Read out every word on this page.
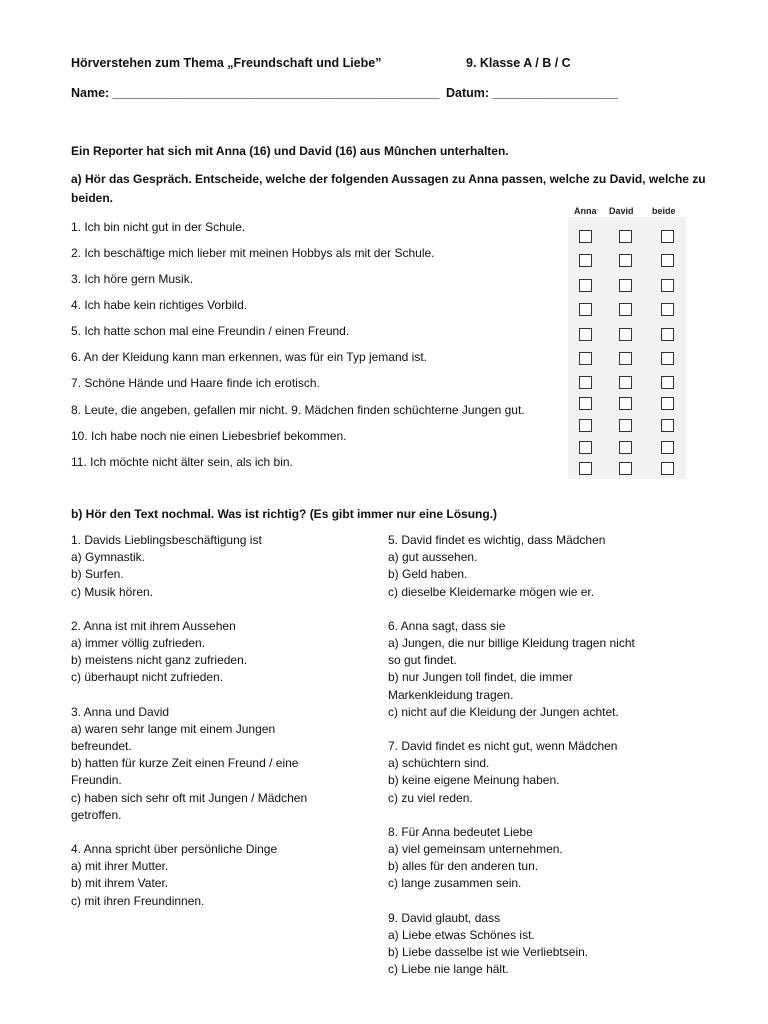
Hörverstehen zum Thema „Freundschaft und Liebe”	9. Klasse A / B / C
Name: _______________________________________________ Datum: __________________
Ein Reporter hat sich mit Anna (16) und David (16) aus Mûnchen unterhalten.
a) Hör das Gespräch. Entscheide, welche der folgenden Aussagen zu Anna passen, welche zu David, welche zu
beiden.
Anna David beide
1. Ich bin nicht gut in der Schule.
2. Ich beschäftige mich lieber mit meinen Hobbys als mit der Schule.
3. Ich höre gern Musik.
4. Ich habe kein richtiges Vorbild.
5. Ich hatte schon mal eine Freundin / einen Freund.
6. An der Kleidung kann man erkennen, was für ein Typ jemand ist.
7. Schöne Hände und Haare finde ich erotisch.
8. Leute, die angeben, gefallen mir nicht. 9. Mädchen finden schüchterne Jungen gut.
10. Ich habe noch nie einen Liebesbrief bekommen.
11. Ich möchte nicht älter sein, als ich bin.
b) Hör den Text nochmal. Was ist richtig? (Es gibt immer nur eine Lösung.)
1. Davids Lieblingsbeschäftigung ist
a) Gymnastik.
b) Surfen.
c) Musik hören.
2. Anna ist mit ihrem Aussehen
a) immer völlig zufrieden.
b) meistens nicht ganz zufrieden.
c) überhaupt nicht zufrieden.
3. Anna und David
a) waren sehr lange mit einem Jungen
befreundet.
b) hatten für kurze Zeit einen Freund / eine
Freundin.
c) haben sich sehr oft mit Jungen / Mädchen
getroffen.
4. Anna spricht über persönliche Dinge
a) mit ihrer Mutter.
b) mit ihrem Vater.
c) mit ihren Freundinnen.
5. David findet es wichtig, dass Mädchen
a) gut aussehen.
b) Geld haben.
c) dieselbe Kleidemarke mögen wie er.
6. Anna sagt, dass sie
a) Jungen, die nur billige Kleidung tragen nicht
so gut findet.
b) nur Jungen toll findet, die immer
Markenkleidung tragen.
c) nicht auf die Kleidung der Jungen achtet.
7. David findet es nicht gut, wenn Mädchen
a) schüchtern sind.
b) keine eigene Meinung haben.
c) zu viel reden.
8. Für Anna bedeutet Liebe
a) viel gemeinsam unternehmen.
b) alles für den anderen tun.
c) lange zusammen sein.
9. David glaubt, dass
a) Liebe etwas Schönes ist.
b) Liebe dasselbe ist wie Verliebtsein.
c) Liebe nie lange hält.
